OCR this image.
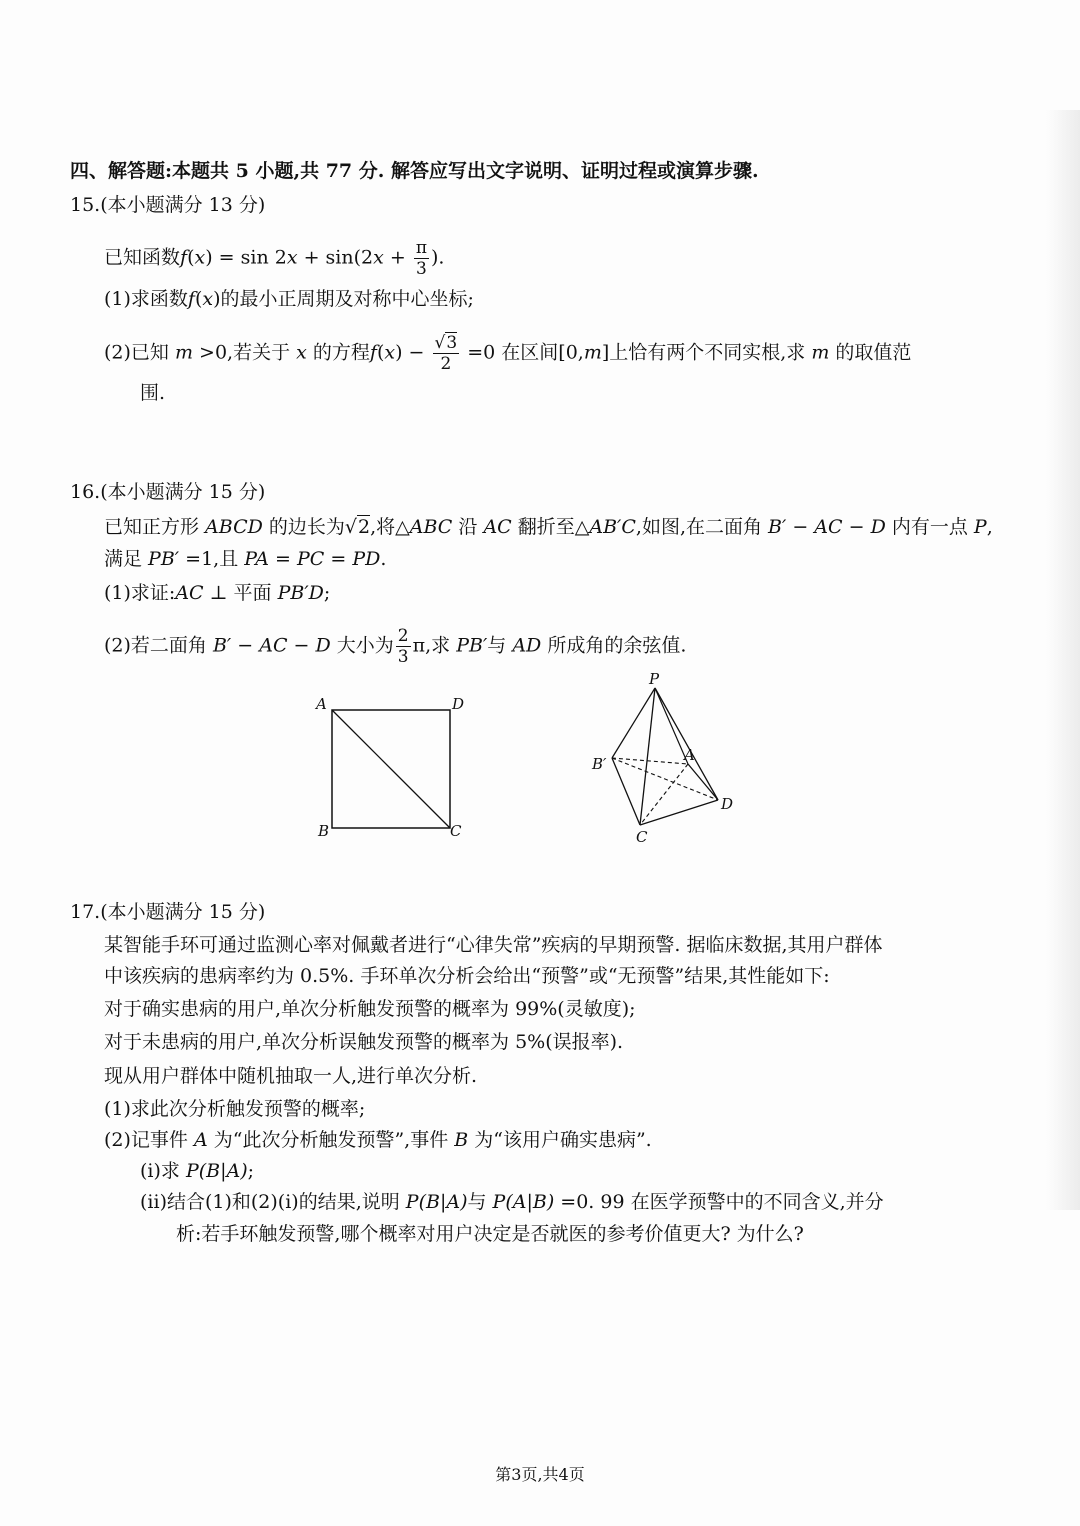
四、解答题:本题共 5 小题,共 77 分. 解答应写出文字说明、证明过程或演算步骤.
15.(本小题满分 13 分)
已知函数$f(x) = \sin 2x + \sin(2x + \frac{\pi}{3}$ ).
(1)求函数f(x)的最小正周期及对称中心坐标;
(2)已知 m >0,若关于 x 的方程$f(x) - \frac{√3}{2} =0$ 在区间[0,m]上恰有两个不同实根,求 m 的取值范
围.
16.(本小题满分 15 分)
已知正方形 ABCD 的边长为√2,将△ABC 沿 AC 翻折至△AB′C,如图,在二面角 B′ − AC − D 内有一点 P,
满足 PB′ =1,且 PA = PC = PD.
(1)求证:AC ⊥ 平面 PB′D;
(2)若二面角 B′ − AC − D 大小为 $\frac{2}{3} \pi$,求 PB′与 AD 所成角的余弦值.
A	D
B	C
P
B′	A
C
D
17.(本小题满分 15 分)
某智能手环可通过监测心率对佩戴者进行“心律失常”疾病的早期预警. 据临床数据,其用户群体
中该疾病的患病率约为 0.5%. 手环单次分析会给出“预警”或“无预警”结果,其性能如下:
对于确实患病的用户,单次分析触发预警的概率为 99%(灵敏度);
对于未患病的用户,单次分析误触发预警的概率为 5%(误报率).
现从用户群体中随机抽取一人,进行单次分析.
(1)求此次分析触发预警的概率;
(2)记事件 A 为“此次分析触发预警”,事件 B 为“该用户确实患病”.
(i)求 P(B|A);
(ii)结合(1)和(2)(i)的结果,说明 P(B|A)与 P(A|B) =0. 99 在医学预警中的不同含义,并分
析:若手环触发预警,哪个概率对用户决定是否就医的参考价值更大? 为什么?
第3页,共4页
